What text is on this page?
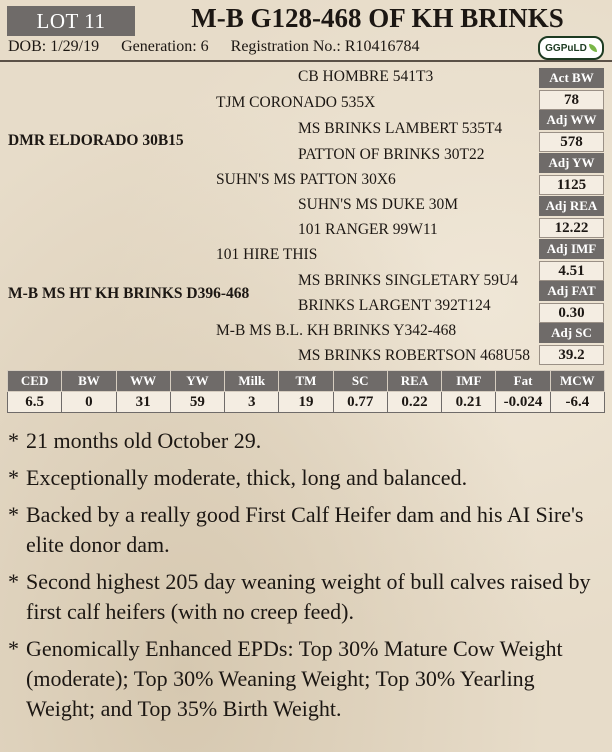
LOT 11	M-B G128-468 OF KH BRINKS
DOB: 1/29/19 Generation: 6 Registration No.: R10416784	GGPuLD
CB HOMBRE 541T3
TJM CORONADO 535X
MS BRINKS LAMBERT 535T4
DMR ELDORADO 30B15
PATTON OF BRINKS 30T22
SUHN'S MS PATTON 30X6
SUHN'S MS DUKE 30M
101 RANGER 99W11
101 HIRE THIS
MS BRINKS SINGLETARY 59U4
M-B MS HT KH BRINKS D396-468
BRINKS LARGENT 392T124
M-B MS B.L. KH BRINKS Y342-468
MS BRINKS ROBERTSON 468U58
Act BW
78
Adj WW
578
Adj YW
1125
Adj REA
12.22
Adj IMF
4.51
Adj FAT
0.30
Adj SC
39.2
CED	BW	WW	YW	Milk	TM	SC	REA	IMF	Fat	MCW
6.5	0	31	59	3	19	0.77	0.22	0.21	-0.024	-6.4
* 21 months old October 29.
* Exceptionally moderate, thick, long and balanced.
* Backed by a really good First Calf Heifer dam and his AI Sire's elite donor dam.
* Second highest 205 day weaning weight of bull calves raised by first calf heifers (with no creep feed).
* Genomically Enhanced EPDs: Top 30% Mature Cow Weight (moderate); Top 30% Weaning Weight; Top 30% Yearling Weight; and Top 35% Birth Weight.
